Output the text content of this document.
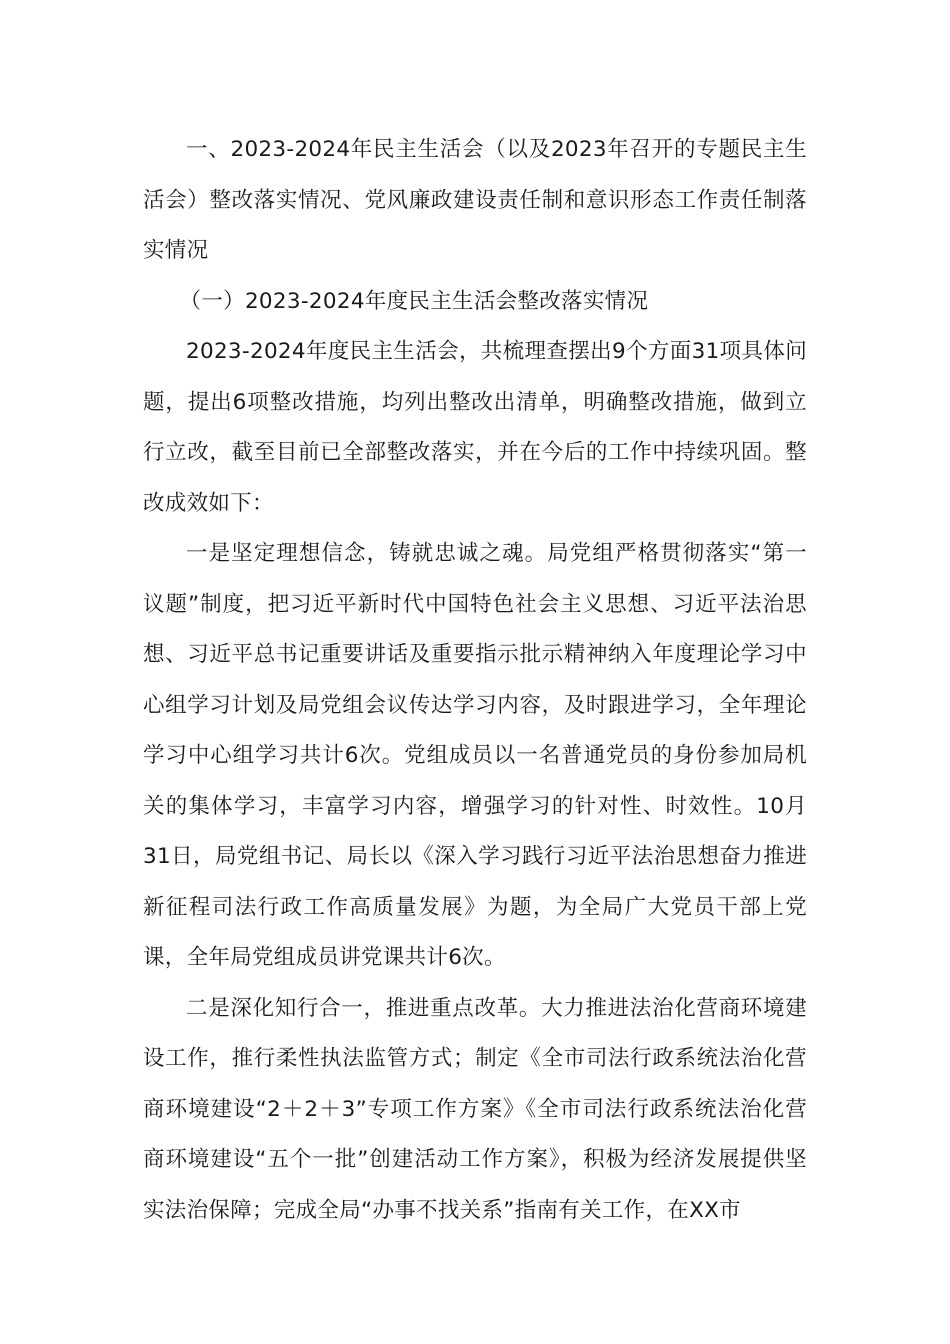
一、2023-2024年民主生活会（以及2023年召开的专题民主生活会）整改落实情况、党风廉政建设责任制和意识形态工作责任制落实情况

（一）2023-2024年度民主生活会整改落实情况

2023-2024年度民主生活会，共梳理查摆出9个方面31项具体问题，提出6项整改措施，均列出整改出清单，明确整改措施，做到立行立改，截至目前已全部整改落实，并在今后的工作中持续巩固。整改成效如下：

一是坚定理想信念，铸就忠诚之魂。局党组严格贯彻落实“第一议题”制度，把习近平新时代中国特色社会主义思想、习近平法治思想、习近平总书记重要讲话及重要指示批示精神纳入年度理论学习中心组学习计划及局党组会议传达学习内容，及时跟进学习，全年理论学习中心组学习共计6次。党组成员以一名普通党员的身份参加局机关的集体学习，丰富学习内容，增强学习的针对性、时效性。10月31日，局党组书记、局长以《深入学习践行习近平法治思想奋力推进新征程司法行政工作高质量发展》为题，为全局广大党员干部上党课，全年局党组成员讲党课共计6次。

二是深化知行合一，推进重点改革。大力推进法治化营商环境建设工作，推行柔性执法监管方式；制定《全市司法行政系统法治化营商环境建设“2＋2＋3”专项工作方案》《全市司法行政系统法治化营商环境建设“五个一批”创建活动工作方案》，积极为经济发展提供坚实法治保障；完成全局“办事不找关系”指南有关工作，在XX市
